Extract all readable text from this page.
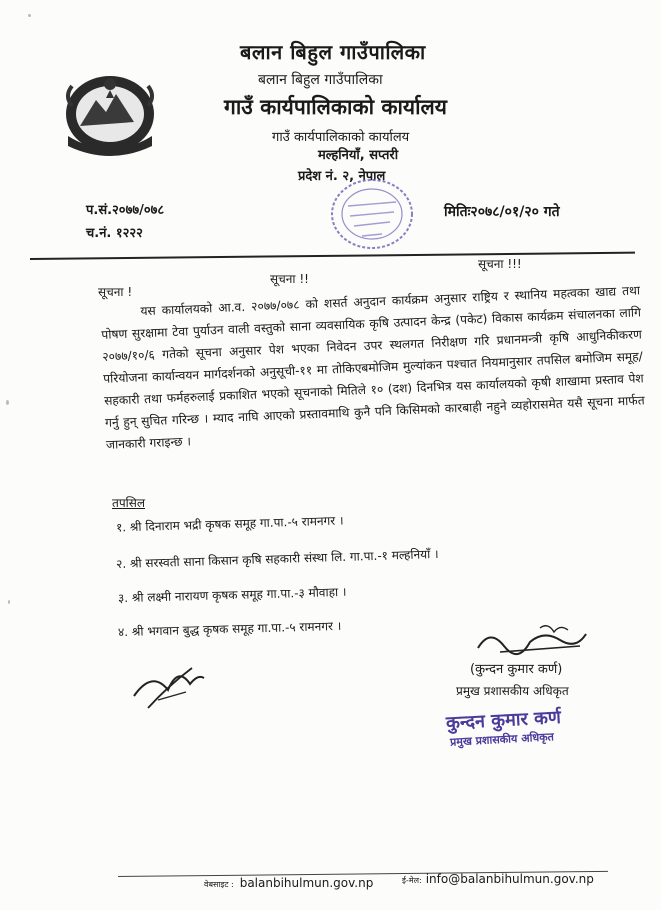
बलान बिहुल गाउँपालिका
बलान बिहुल गाउँपालिका
गाउँ कार्यपालिकाको कार्यालय
गाउँ कार्यपालिकाको कार्यालय
मल्हनियाँ, सप्तरी
प्रदेश नं. २, नेपाल
प.सं.२०७७/०७८
च.नं. १२२२
मितिः२०७८/०१/२० गते
सूचना !
सूचना !!
सूचना !!!

यस कार्यालयको आ.व. २०७७/०७८ को शसर्त अनुदान कार्यक्रम अनुसार राष्ट्रिय र स्थानिय महत्वका खाद्य तथा पोषण सुरक्षामा टेवा पुर्याउन वाली वस्तुको साना व्यवसायिक कृषि उत्पादन केन्द्र (पकेट) विकास कार्यक्रम संचालनका लागि २०७७/१०/६ गतेको सूचना अनुसार पेश भएका निवेदन उपर स्थलगत निरीक्षण गरि प्रधानमन्त्री कृषि आधुनिकीकरण परियोजना कार्यान्वयन मार्गदर्शनको अनुसूची-११ मा तोकिएबमोजिम मुल्यांकन पश्चात नियमानुसार तपसिल बमोजिम समूह/सहकारी तथा फर्महरुलाई प्रकाशित भएको सूचनाको मितिले १० (दश) दिनभित्र यस कार्यालयको कृषी शाखामा प्रस्ताव पेश गर्नु हुन् सुचित गरिन्छ । म्याद नाघि आएको प्रस्तावमाथि कुनै पनि किसिमको कारबाही नहुने व्यहोरासमेत यसै सूचना मार्फत जानकारी गराइन्छ ।

तपसिल
१. श्री दिनाराम भद्री कृषक समूह गा.पा.-५ रामनगर ।
२. श्री सरस्वती साना किसान कृषि सहकारी संस्था लि. गा.पा.-१ मल्हनियाँ ।
३. श्री लक्ष्मी नारायण कृषक समूह गा.पा.-३ मौवाहा ।
४. श्री भगवान बुद्ध कृषक समूह गा.पा.-५ रामनगर ।
(कुन्दन कुमार कर्ण)
प्रमुख प्रशासकीय अधिकृत
कुन्दन कुमार कर्ण
प्रमुख प्रशासकीय अधिकृत
वेबसाइट : balanbihulmun.gov.np	ई-मेल: info@balanbihulmun.gov.np
